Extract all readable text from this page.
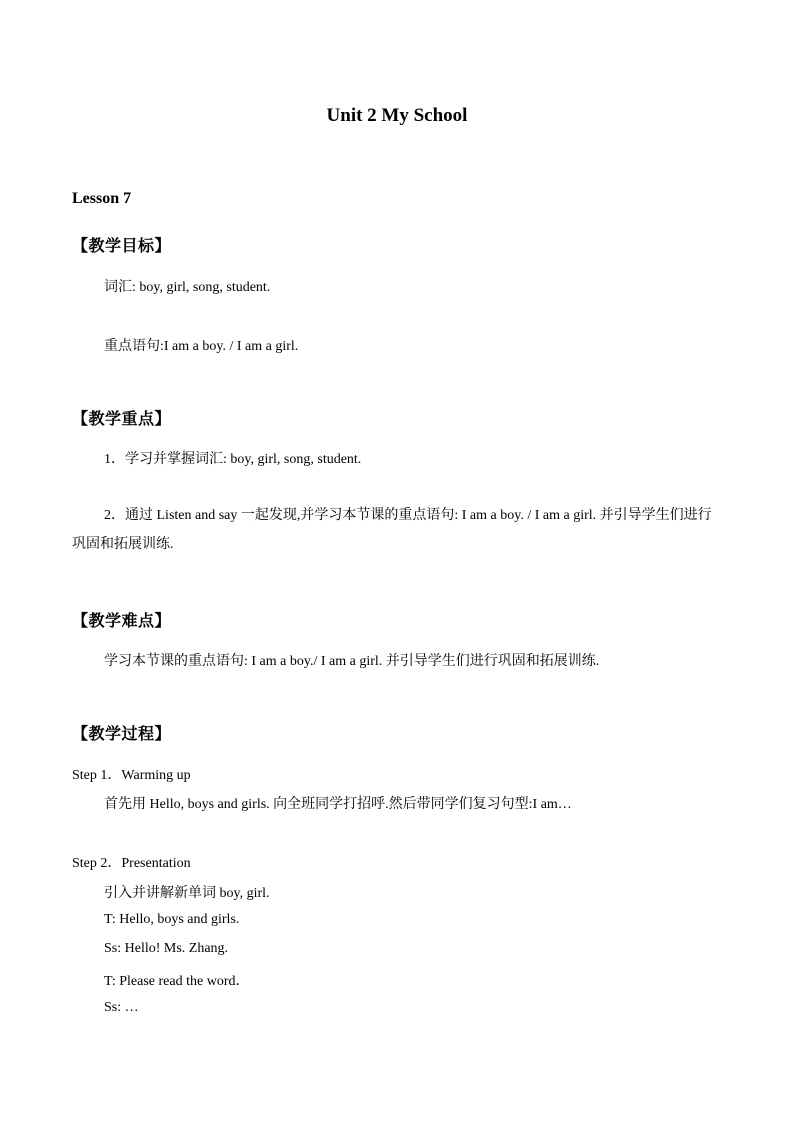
Unit 2 My School
Lesson 7
【教学目标】
词汇: boy, girl, song, student.
重点语句:I am a boy. / I am a girl.
【教学重点】
1．学习并掌握词汇: boy, girl, song, student.
2．通过 Listen and say 一起发现,并学习本节课的重点语句: I am a boy. / I am a girl. 并引导学生们进行巩固和拓展训练.
【教学难点】
学习本节课的重点语句: I am a boy./ I am a girl. 并引导学生们进行巩固和拓展训练.
【教学过程】
Step 1．Warming up
首先用 Hello, boys and girls. 向全班同学打招呼.然后带同学们复习句型:I am…
Step 2．Presentation
引入并讲解新单词 boy, girl.
T: Hello, boys and girls.
Ss: Hello! Ms. Zhang.
T: Please read the word．
Ss: …
